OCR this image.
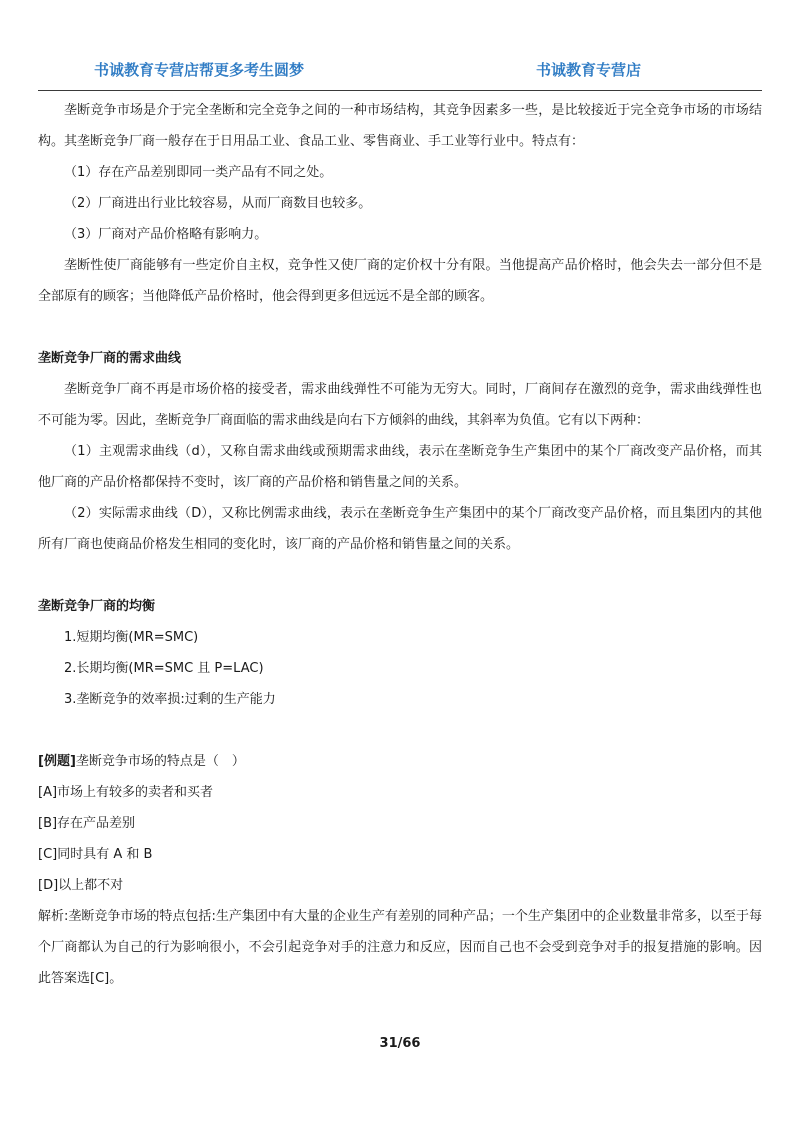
书诚教育专营店帮更多考生圆梦	书诚教育专营店

垄断竞争市场是介于完全垄断和完全竞争之间的一种市场结构，其竞争因素多一些，是比较接近于完全竞争市场的市场结构。其垄断竞争厂商一般存在于日用品工业、食品工业、零售商业、手工业等行业中。特点有：

（1）存在产品差别即同一类产品有不同之处。

（2）厂商进出行业比较容易，从而厂商数目也较多。

（3）厂商对产品价格略有影响力。

垄断性使厂商能够有一些定价自主权，竞争性又使厂商的定价权十分有限。当他提高产品价格时，他会失去一部分但不是全部原有的顾客；当他降低产品价格时，他会得到更多但远远不是全部的顾客。

垄断竞争厂商的需求曲线

垄断竞争厂商不再是市场价格的接受者，需求曲线弹性不可能为无穷大。同时，厂商间存在激烈的竞争，需求曲线弹性也不可能为零。因此，垄断竞争厂商面临的需求曲线是向右下方倾斜的曲线，其斜率为负值。它有以下两种：

（1）主观需求曲线（d），又称自需求曲线或预期需求曲线，表示在垄断竞争生产集团中的某个厂商改变产品价格，而其他厂商的产品价格都保持不变时，该厂商的产品价格和销售量之间的关系。

（2）实际需求曲线（D），又称比例需求曲线，表示在垄断竞争生产集团中的某个厂商改变产品价格，而且集团内的其他所有厂商也使商品价格发生相同的变化时，该厂商的产品价格和销售量之间的关系。

垄断竞争厂商的均衡

1.短期均衡(MR=SMC)

2.长期均衡(MR=SMC 且 P=LAC)

3.垄断竞争的效率损:过剩的生产能力

[例题]垄断竞争市场的特点是（　）

[A]市场上有较多的卖者和买者

[B]存在产品差别

[C]同时具有 A 和 B

[D]以上都不对

解析:垄断竞争市场的特点包括:生产集团中有大量的企业生产有差别的同种产品；一个生产集团中的企业数量非常多，以至于每个厂商都认为自己的行为影响很小，不会引起竞争对手的注意力和反应，因而自己也不会受到竞争对手的报复措施的影响。因此答案选[C]。

31/66
